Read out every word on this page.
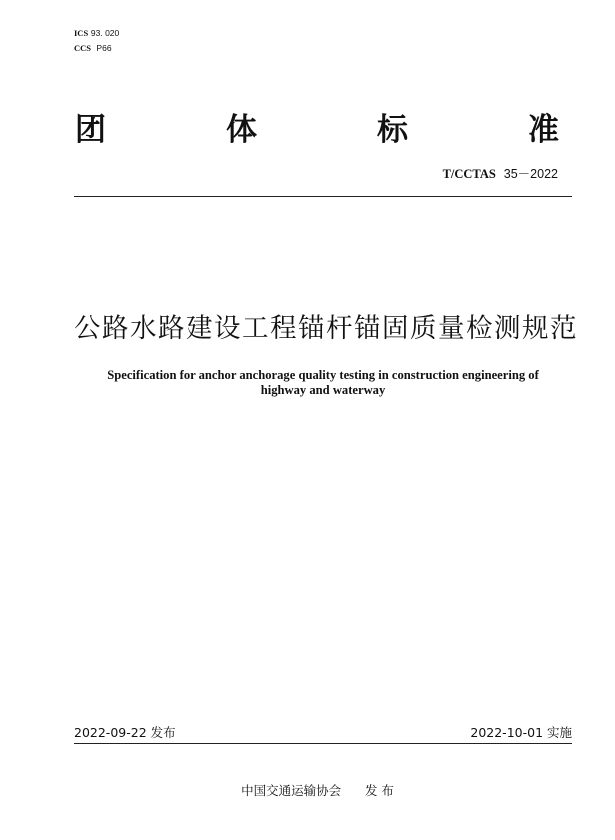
ICS 93. 020
CCS P66
团	体	标	准
T/CCTAS 35－2022
公路水路建设工程锚杆锚固质量检测规范
Specification for anchor anchorage quality testing in construction engineering of
highway and waterway
2022-09-22 发布	2022-10-01 实施
中国交通运输协会 发 布
